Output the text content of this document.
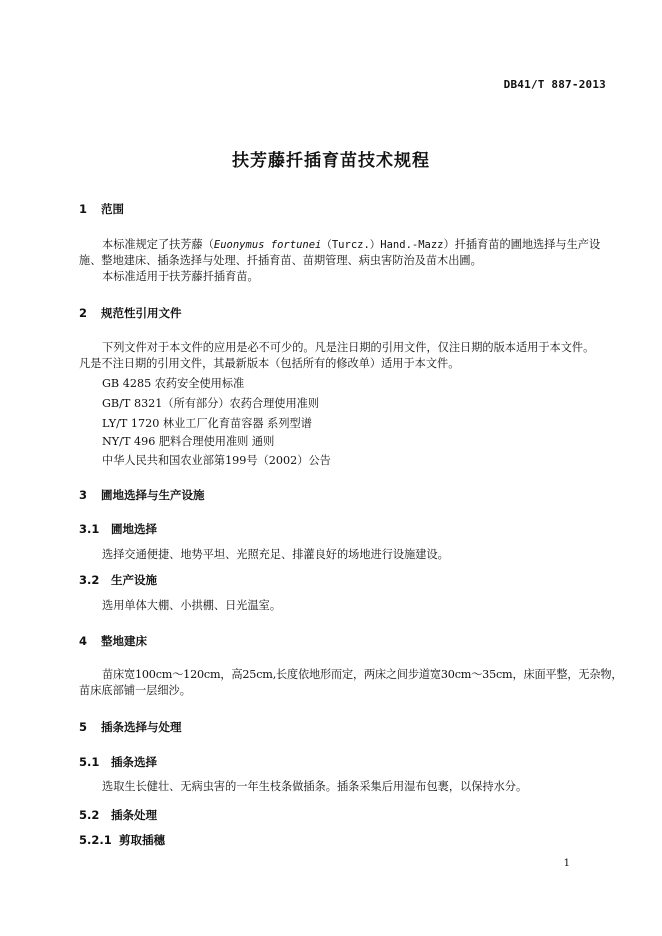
DB41/T 887-2013
扶芳藤扦插育苗技术规程
1 范围
本标准规定了扶芳藤（Euonymus fortunei（Turcz.）Hand.-Mazz）扦插育苗的圃地选择与生产设
施、整地建床、插条选择与处理、扦插育苗、苗期管理、病虫害防治及苗木出圃。
本标准适用于扶芳藤扦插育苗。
2 规范性引用文件
下列文件对于本文件的应用是必不可少的。凡是注日期的引用文件，仅注日期的版本适用于本文件。
凡是不注日期的引用文件，其最新版本（包括所有的修改单）适用于本文件。
GB 4285 农药安全使用标准
GB/T 8321（所有部分）农药合理使用准则
LY/T 1720 林业工厂化育苗容器 系列型谱
NY/T 496 肥料合理使用准则 通则
中华人民共和国农业部第199号（2002）公告
3 圃地选择与生产设施
3.1 圃地选择
选择交通便捷、地势平坦、光照充足、排灌良好的场地进行设施建设。
3.2 生产设施
选用单体大棚、小拱棚、日光温室。
4 整地建床
苗床宽100cm～120cm，高25cm,长度依地形而定，两床之间步道宽30cm～35cm，床面平整，无杂物，
苗床底部铺一层细沙。
5 插条选择与处理
5.1 插条选择
选取生长健壮、无病虫害的一年生枝条做插条。插条采集后用湿布包裹，以保持水分。
5.2 插条处理
5.2.1 剪取插穗
1
